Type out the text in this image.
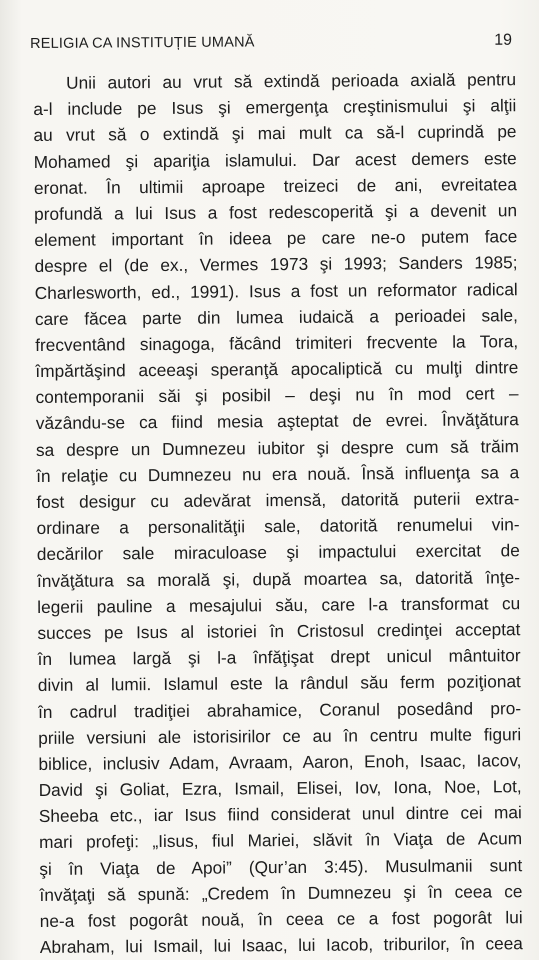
RELIGIA CA INSTITUȚIE UMANĂ	19
Unii autori au vrut să extindă perioada axială pentru
a-l include pe Isus şi emergenţa creştinismului şi alţii
au vrut să o extindă şi mai mult ca să-l cuprindă pe
Mohamed şi apariţia islamului. Dar acest demers este
eronat. În ultimii aproape treizeci de ani, evreitatea
profundă a lui Isus a fost redescoperită şi a devenit un
element important în ideea pe care ne-o putem face
despre el (de ex., Vermes 1973 şi 1993; Sanders 1985;
Charlesworth, ed., 1991). Isus a fost un reformator radical
care făcea parte din lumea iudaică a perioadei sale,
frecventând sinagoga, făcând trimiteri frecvente la Tora,
împărtăşind aceeaşi speranţă apocaliptică cu mulţi dintre
contemporanii săi şi posibil – deşi nu în mod cert –
văzându-se ca fiind mesia aşteptat de evrei. Învăţătura
sa despre un Dumnezeu iubitor şi despre cum să trăim
în relaţie cu Dumnezeu nu era nouă. Însă influenţa sa a
fost desigur cu adevărat imensă, datorită puterii extra-
ordinare a personalităţii sale, datorită renumelui vin-
decărilor sale miraculoase şi impactului exercitat de
învăţătura sa morală şi, după moartea sa, datorită înţe-
legerii pauline a mesajului său, care l-a transformat cu
succes pe Isus al istoriei în Cristosul credinţei acceptat
în lumea largă şi l-a înfăţişat drept unicul mântuitor
divin al lumii. Islamul este la rândul său ferm poziţionat
în cadrul tradiţiei abrahamice, Coranul posedând pro-
priile versiuni ale istorisirilor ce au în centru multe figuri
biblice, inclusiv Adam, Avraam, Aaron, Enoh, Isaac, Iacov,
David şi Goliat, Ezra, Ismail, Elisei, Iov, Iona, Noe, Lot,
Sheeba etc., iar Isus fiind considerat unul dintre cei mai
mari profeţi: „Iisus, fiul Mariei, slăvit în Viaţa de Acum
şi în Viaţa de Apoi” (Qur’an 3:45). Musulmanii sunt
învăţaţi să spună: „Credem în Dumnezeu şi în ceea ce
ne-a fost pogorât nouă, în ceea ce a fost pogorât lui
Abraham, lui Ismail, lui Isaac, lui Iacob, triburilor, în ceea
